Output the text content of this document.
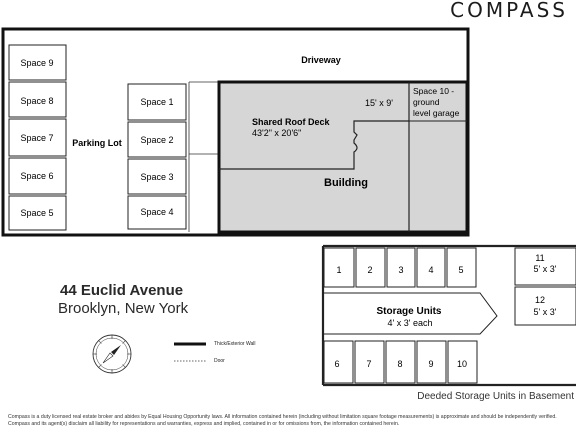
COMPASS
Space 9
Space 8
Space 7
Space 6
Space 5
Parking Lot
Space 1
Space 2
Space 3
Space 4
Driveway
Shared Roof Deck
43'2" x 20'6"
15' x 9'
Building
Space 10 -
ground
level garage
1	2	3	4	5
6	7	8	9	10
11
5' x 3'
12
5' x 3'
Storage Units
4' x 3' each
Thick/Exterior Wall
Door
44 Euclid Avenue
Brooklyn, New York
Deeded Storage Units in Basement
Compass is a duty licensed real estate broker and abides by Equal Housing Opportunity laws. All information contained herein (including without limitation square footage measurements) is approximate and should be independently verified. Compass and its agent(s) disclaim all liability for representations and warranties, express and implied, contained in or for omissions from, the information contained herein.
